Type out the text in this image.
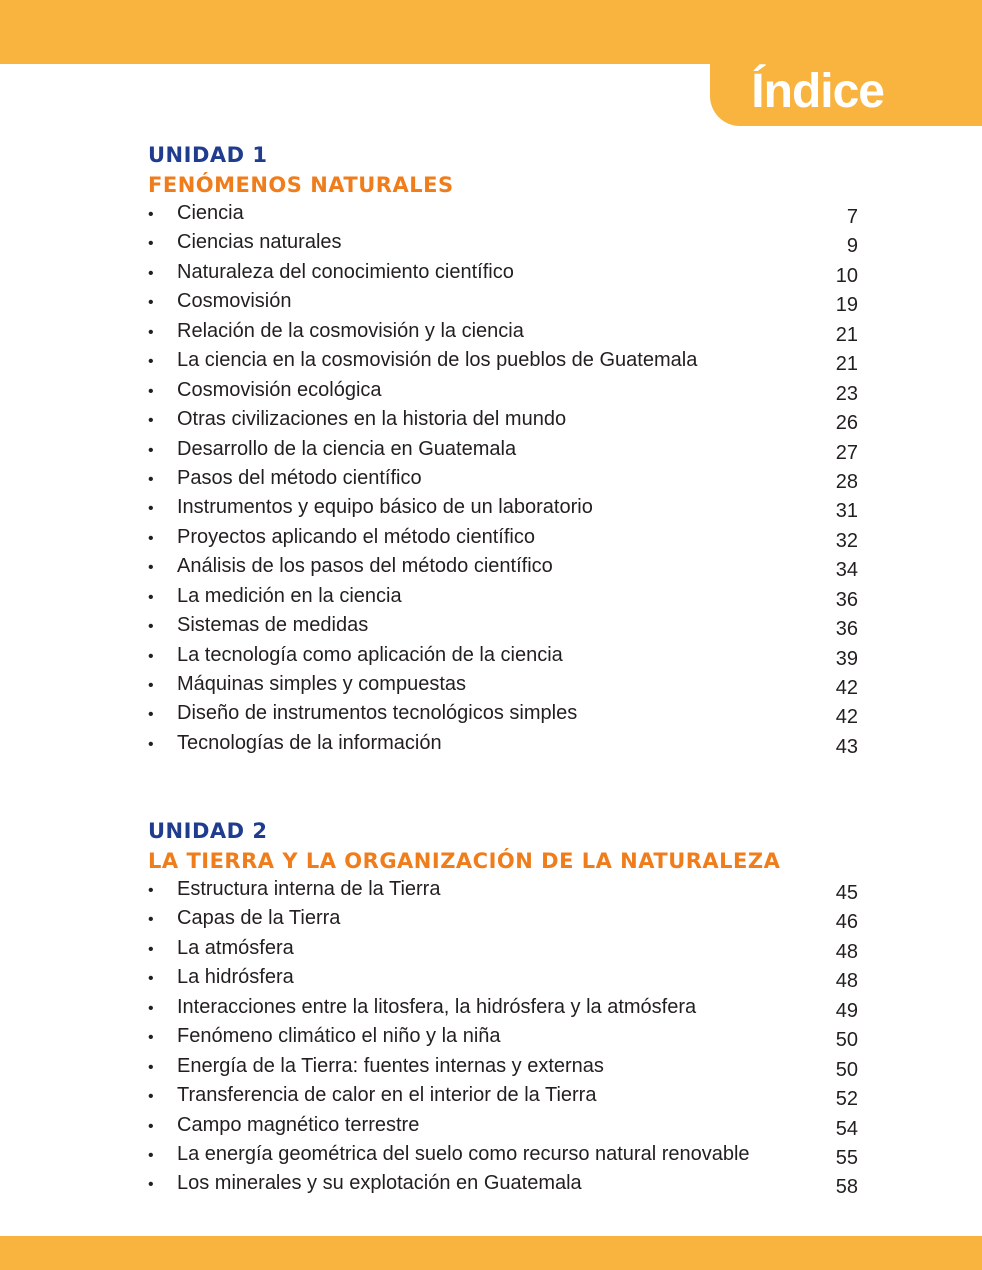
Índice
UNIDAD 1
FENÓMENOS NATURALES
• Ciencia	7
• Ciencias naturales	9
• Naturaleza del conocimiento científico	10
• Cosmovisión	19
• Relación de la cosmovisión y la ciencia	21
• La ciencia en la cosmovisión de los pueblos de Guatemala	21
• Cosmovisión ecológica	23
• Otras civilizaciones en la historia del mundo	26
• Desarrollo de la ciencia en Guatemala	27
• Pasos del método científico	28
• Instrumentos y equipo básico de un laboratorio	31
• Proyectos aplicando el método científico	32
• Análisis de los pasos del método científico	34
• La medición en la ciencia	36
• Sistemas de medidas	36
• La tecnología como aplicación de la ciencia	39
• Máquinas simples y compuestas	42
• Diseño de instrumentos tecnológicos simples	42
• Tecnologías de la información	43
UNIDAD 2
LA TIERRA Y LA ORGANIZACIÓN DE LA NATURALEZA
• Estructura interna de la Tierra	45
• Capas de la Tierra	46
• La atmósfera	48
• La hidrósfera	48
• Interacciones entre la litosfera, la hidrósfera y la atmósfera	49
• Fenómeno climático el niño y la niña	50
• Energía de la Tierra: fuentes internas y externas	50
• Transferencia de calor en el interior de la Tierra	52
• Campo magnético terrestre	54
• La energía geométrica del suelo como recurso natural renovable	55
• Los minerales y su explotación en Guatemala	58
